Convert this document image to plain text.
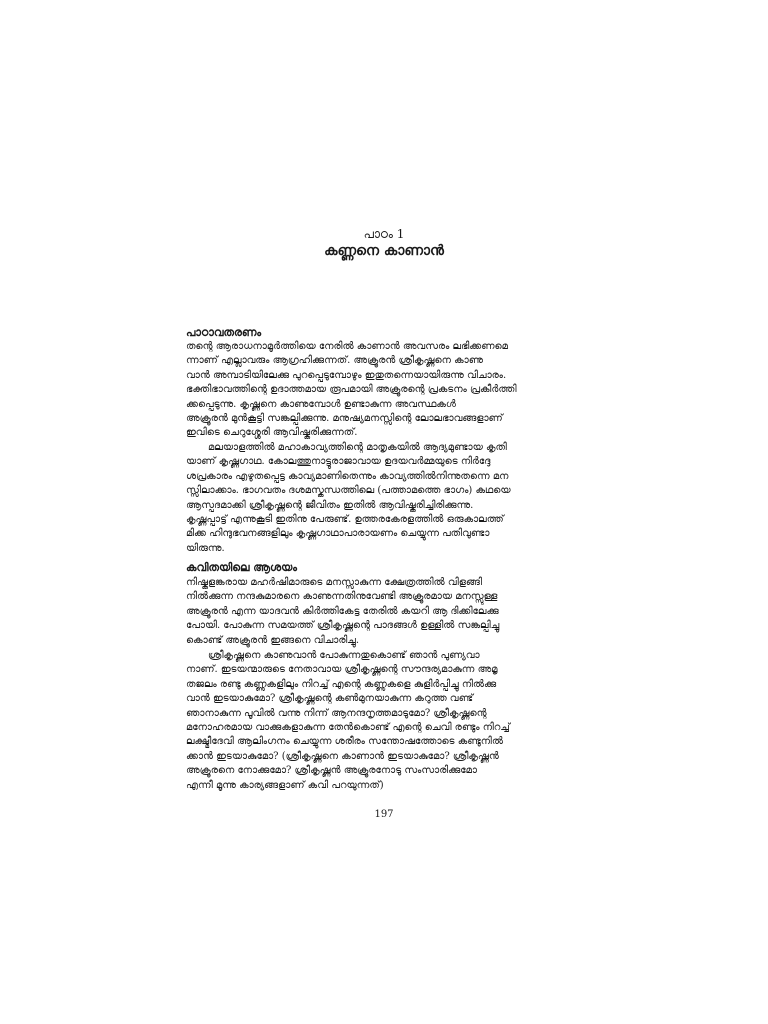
പാഠം 1
കണ്ണനെ കാണാൻ
പാഠാവതരണം
തന്റെ ആരാധനാമൂർത്തിയെ നേരിൽ കാണാൻ അവസരം ലഭിക്കണമെ
ന്നാണ് എല്ലാവരും ആഗ്രഹിക്കുന്നത്. അക്രൂരൻ ശ്രീകൃഷ്ണനെ കാണു
വാൻ അമ്പാടിയിലേക്കു പുറപ്പെടുമ്പോഴും ഇതുതന്നെയായിരുന്നു വിചാരം.
ഭക്തിഭാവത്തിന്റെ ഉദാത്തമായ രൂപമായി അക്രൂരന്റെ പ്രകടനം പ്രകീർത്തി
ക്കപ്പെടുന്നു. കൃഷ്ണനെ കാണുമ്പോൾ ഉണ്ടാകുന്ന അവസ്ഥകൾ
അക്രൂരൻ മുൻകൂട്ടി സങ്കല്പിക്കുന്നു. മനുഷ്യമനസ്സിന്റെ ലോലഭാവങ്ങളാണ്
ഇവിടെ ചെറുശ്ശേരി ആവിഷ്കരിക്കുന്നത്.
മലയാളത്തിൽ മഹാകാവ്യത്തിന്റെ മാതൃകയിൽ ആദ്യമുണ്ടായ കൃതി
യാണ് കൃഷ്ണഗാഥ. കോലത്തുനാട്ടുരാജാവായ ഉദയവർമ്മയുടെ നിർദ്ദേ
ശപ്രകാരം എഴുതപ്പെട്ട കാവ്യമാണിതെന്നും കാവ്യത്തിൽനിന്നുതന്നെ മന
സ്സിലാക്കാം. ഭാഗവതം ദശമസ്കന്ധത്തിലെ (പത്താമത്തെ ഭാഗം) കഥയെ
ആസ്പദമാക്കി ശ്രീകൃഷ്ണന്റെ ജീവിതം ഇതിൽ ആവിഷ്കരിച്ചിരിക്കുന്നു.
കൃഷ്ണപ്പാട്ട് എന്നുകൂടി ഇതിനു പേരുണ്ട്. ഉത്തരകേരളത്തിൽ ഒരുകാലത്ത്
മിക്ക ഹിന്ദുഭവനങ്ങളിലും കൃഷ്ണഗാഥാപാരായണം ചെയ്യുന്ന പതിവുണ്ടാ
യിരുന്നു.
കവിതയിലെ ആശയം
നിഷ്കളങ്കരായ മഹർഷിമാരുടെ മനസ്സാകുന്ന ക്ഷേത്രത്തിൽ വിളങ്ങി
നിൽക്കുന്ന നന്ദകുമാരനെ കാണുന്നതിനുവേണ്ടി അക്രൂരമായ മനസ്സുള്ള
അക്രൂരൻ എന്ന യാദവൻ കിർത്തികേട്ട തേരിൽ കയറി ആ ദിക്കിലേക്കു
പോയി. പോകുന്ന സമയത്ത് ശ്രീകൃഷ്ണന്റെ പാദങ്ങൾ ഉള്ളിൽ സങ്കല്പിച്ചു
കൊണ്ട് അക്രൂരൻ ഇങ്ങനെ വിചാരിച്ചു.
ശ്രീകൃഷ്ണനെ കാണുവാൻ പോകുന്നതുകൊണ്ട് ഞാൻ പുണ്യവാ
നാണ്. ഇടയന്മാരുടെ നേതാവായ ശ്രീകൃഷ്ണന്റെ സൗന്ദര്യമാകുന്ന അമൃ
തജലം രണ്ടു കണ്ണുകളിലും നിറച്ച് എന്റെ കണ്ണുകളെ കുളിർപ്പിച്ചു നിൽക്കു
വാൻ ഇടയാകുമോ? ശ്രീകൃഷ്ണന്റെ കൺമുനയാകുന്ന കറുത്ത വണ്ട്
ഞാനാകുന്ന പൂവിൽ വന്നു നിന്ന് ആനന്ദനൃത്തമാടുമോ? ശ്രീകൃഷ്ണന്റെ
മനോഹരമായ വാക്കുകളാകുന്ന തേൻകൊണ്ട് എന്റെ ചെവി രണ്ടും നിറച്ച്
ലക്ഷ്മീദേവി ആലിംഗനം ചെയ്യുന്ന ശരീരം സന്തോഷത്തോടെ കണ്ടുനിൽ
ക്കാൻ ഇടയാകുമോ? (ശ്രീകൃഷ്ണനെ കാണാൻ ഇടയാകുമോ? ശ്രീകൃഷ്ണൻ
അക്രൂരനെ നോക്കുമോ? ശ്രീകൃഷ്ണൻ അക്രൂരനോടു സംസാരിക്കുമോ
എന്നീ മൂന്നു കാര്യങ്ങളാണ് കവി പറയുന്നത്)
197
